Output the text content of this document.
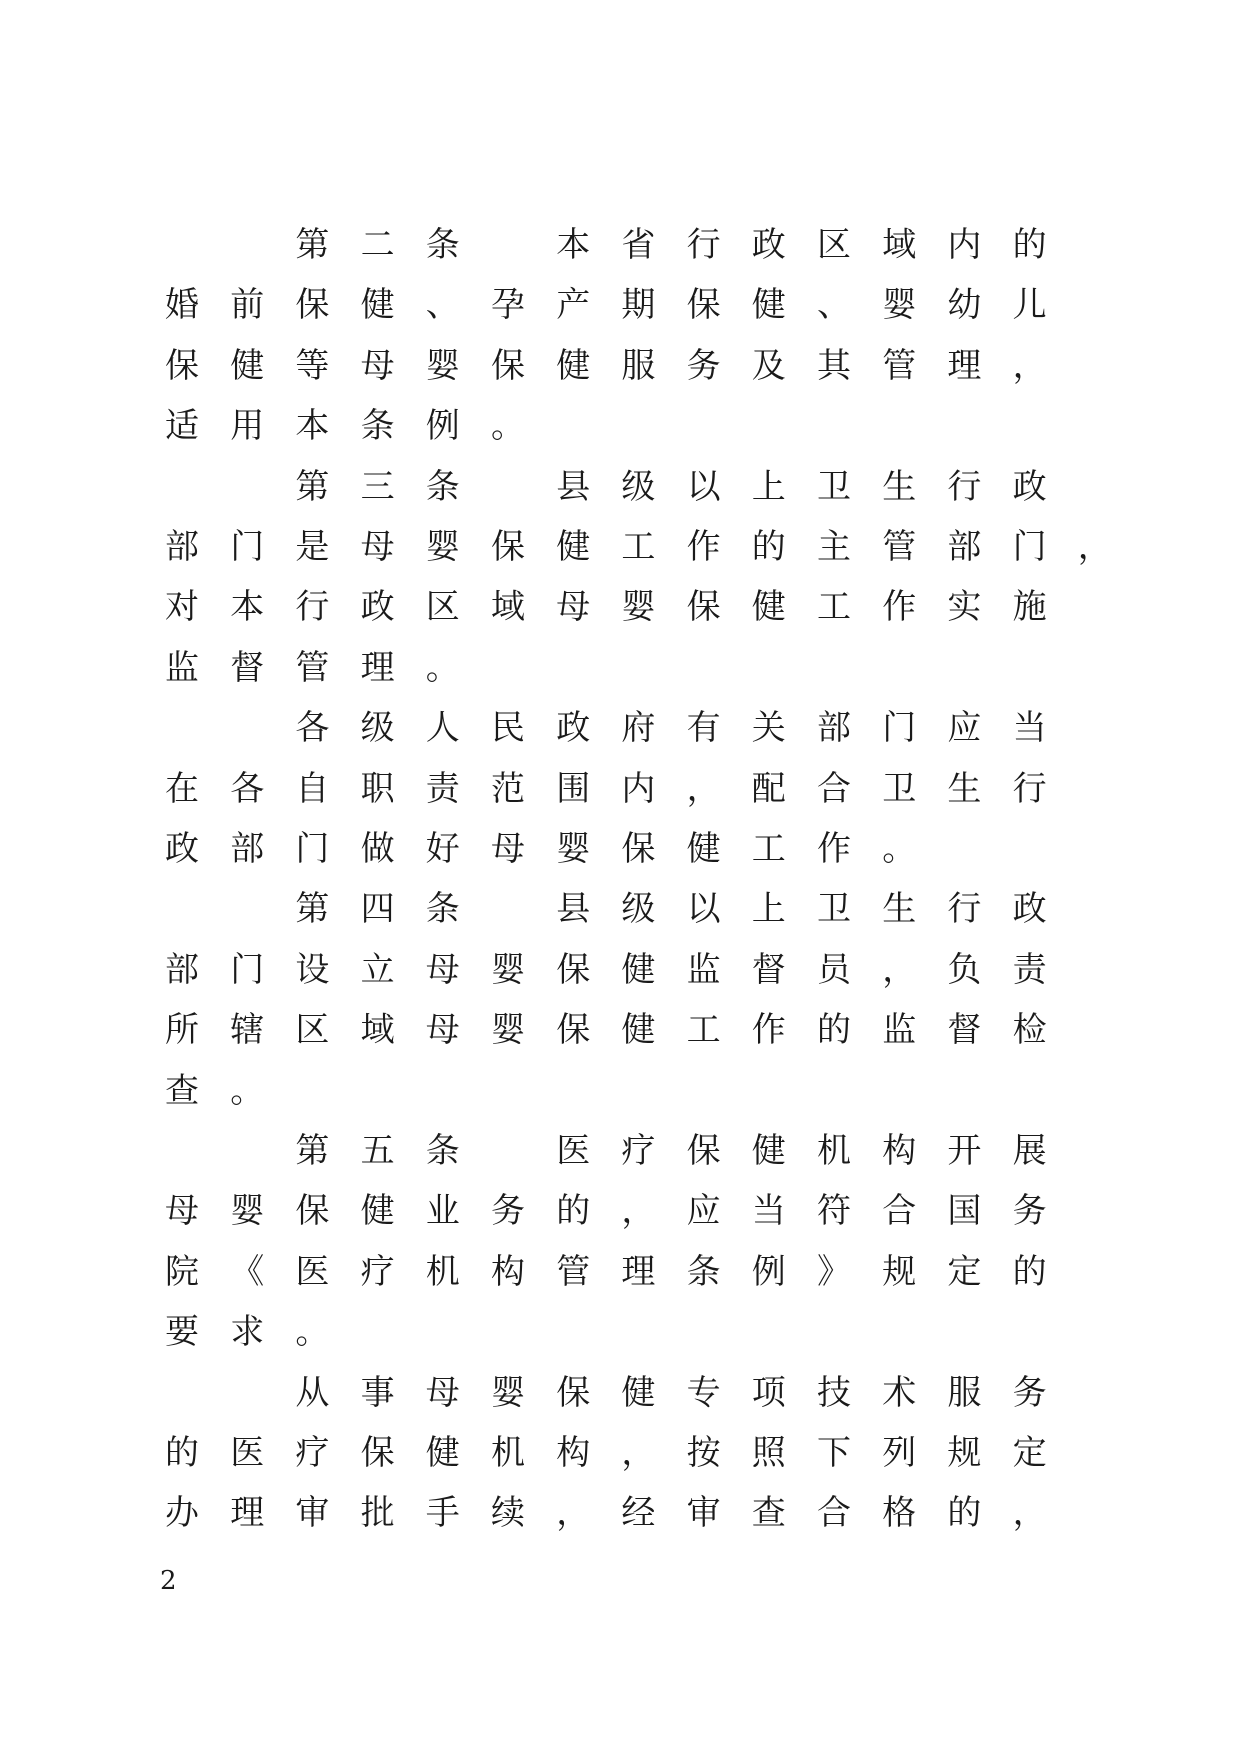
第 二 条
　	本 省 行 政 区 域 内 的
婚 前 保 健 、 孕 产 期 保 健 、 婴 幼 儿
保 健 等 母 婴 保 健 服 务 及 其 管 理 ，
适 用 本 条 例 。
第 三 条
　	县 级 以 上 卫 生 行 政
部 门 是 母 婴 保 健 工 作 的 主 管 部 门 ，
对 本 行 政 区 域 母 婴 保 健 工 作 实 施
监 督 管 理 。
各 级 人 民 政 府 有 关 部 门 应 当
在 各 自 职 责 范 围 内 ， 配 合 卫 生 行
政 部 门 做 好 母 婴 保 健 工 作 。
第 四 条
　	县 级 以 上 卫 生 行 政
部 门 设 立 母 婴 保 健 监 督 员 ， 负 责
所 辖 区 域 母 婴 保 健 工 作 的 监 督 检
查 。
第 五 条
　	医 疗 保 健 机 构 开 展
母 婴 保 健 业 务 的 ， 应 当 符 合 国 务
院 《 医 疗 机 构 管 理 条 例 》 规 定 的
要 求 。
从 事 母 婴 保 健 专 项 技 术 服 务
的 医 疗 保 健 机 构 ， 按 照 下 列 规 定
办 理 审 批 手 续 ， 经 审 查 合 格 的 ，
2
